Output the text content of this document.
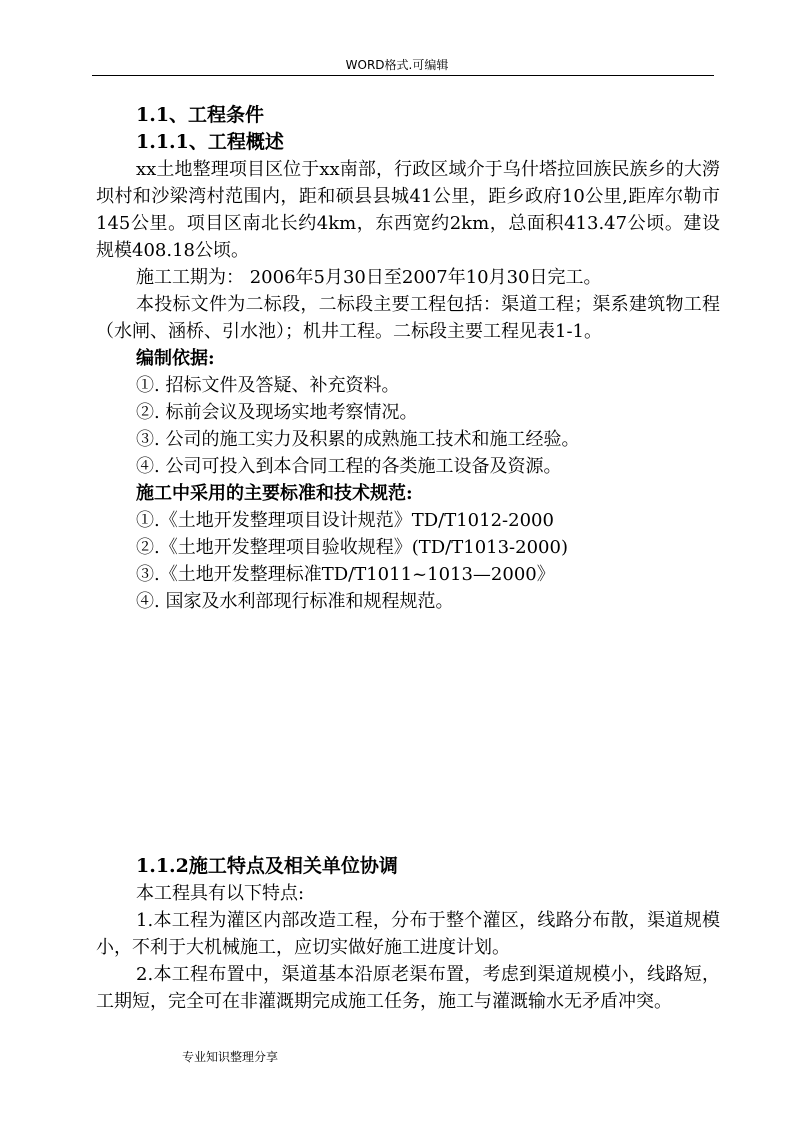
WORD格式.可编辑
1.1、工程条件
1.1.1、工程概述

xx土地整理项目区位于xx南部，行政区域介于乌什塔拉回族民族乡的大澇坝村和沙梁湾村范围内，距和硕县县城41公里，距乡政府10公里,距库尔勒市145公里。项目区南北长约4km，东西宽约2km，总面积413.47公顷。建设规模408.18公顷。

施工工期为： 2006年5月30日至2007年10月30日完工。

本投标文件为二标段，二标段主要工程包括：渠道工程；渠系建筑物工程（水闸、涵桥、引水池）；机井工程。二标段主要工程见表1-1。

编制依据:
①. 招标文件及答疑、补充资料。
②. 标前会议及现场实地考察情况。
③. 公司的施工实力及积累的成熟施工技术和施工经验。
④. 公司可投入到本合同工程的各类施工设备及资源。
施工中采用的主要标准和技术规范:
①.《土地开发整理项目设计规范》TD/T1012-2000
②.《土地开发整理项目验收规程》(TD/T1013-2000)
③.《土地开发整理标准TD/T1011~1013—2000》
④. 国家及水利部现行标准和规程规范。
1.1.2施工特点及相关单位协调

本工程具有以下特点:

1.本工程为灌区内部改造工程，分布于整个灌区，线路分布散，渠道规模小，不利于大机械施工，应切实做好施工进度计划。

2.本工程布置中，渠道基本沿原老渠布置，考虑到渠道规模小，线路短，工期短，完全可在非灌溉期完成施工任务，施工与灌溉输水无矛盾冲突。

专业知识整理分享
